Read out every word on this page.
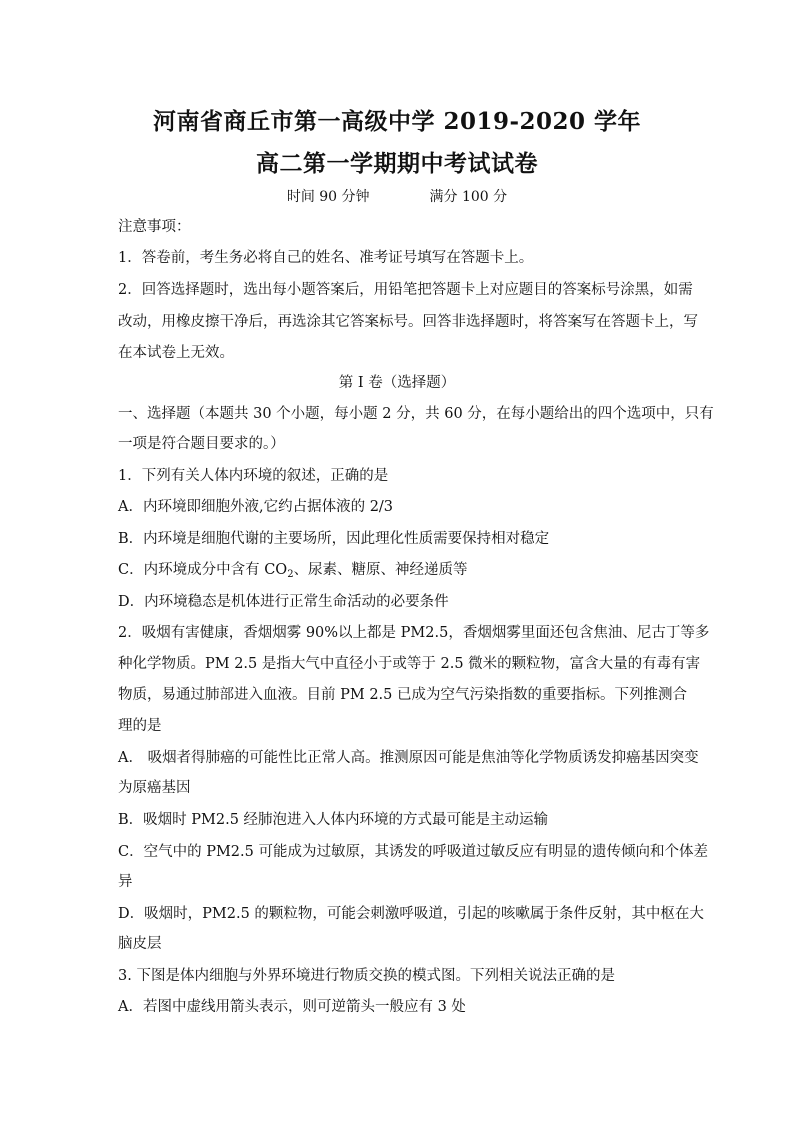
河南省商丘市第一高级中学 2019-2020 学年
高二第一学期期中考试试卷
时间 90 分钟	满分 100 分
注意事项：
1．答卷前，考生务必将自己的姓名、准考证号填写在答题卡上。
2．回答选择题时，选出每小题答案后，用铅笔把答题卡上对应题目的答案标号涂黑，如需
改动，用橡皮擦干净后，再选涂其它答案标号。回答非选择题时，将答案写在答题卡上，写
在本试卷上无效。
第 I 卷（选择题）
一、选择题（本题共 30 个小题，每小题 2 分，共 60 分，在每小题给出的四个选项中，只有
一项是符合题目要求的。）
1．下列有关人体内环境的叙述，正确的是
A．内环境即细胞外液,它约占据体液的 2/3
B．内环境是细胞代谢的主要场所，因此理化性质需要保持相对稳定
C．内环境成分中含有 $CO_2$、尿素、糖原、神经递质等
D．内环境稳态是机体进行正常生命活动的必要条件
2．吸烟有害健康，香烟烟雾 90%以上都是 PM2.5，香烟烟雾里面还包含焦油、尼古丁等多
种化学物质。PM 2.5 是指大气中直径小于或等于 2.5 微米的颗粒物，富含大量的有毒有害
物质，易通过肺部进入血液。目前 PM 2.5 已成为空气污染指数的重要指标。下列推测合
理的是
A． 吸烟者得肺癌的可能性比正常人高。推测原因可能是焦油等化学物质诱发抑癌基因突变
为原癌基因
B．吸烟时 PM2.5 经肺泡进入人体内环境的方式最可能是主动运输
C．空气中的 PM2.5 可能成为过敏原，其诱发的呼吸道过敏反应有明显的遗传倾向和个体差
异
D．吸烟时，PM2.5 的颗粒物，可能会刺激呼吸道，引起的咳嗽属于条件反射，其中枢在大
脑皮层
3. 下图是体内细胞与外界环境进行物质交换的模式图。下列相关说法正确的是
A．若图中虚线用箭头表示，则可逆箭头一般应有 3 处
